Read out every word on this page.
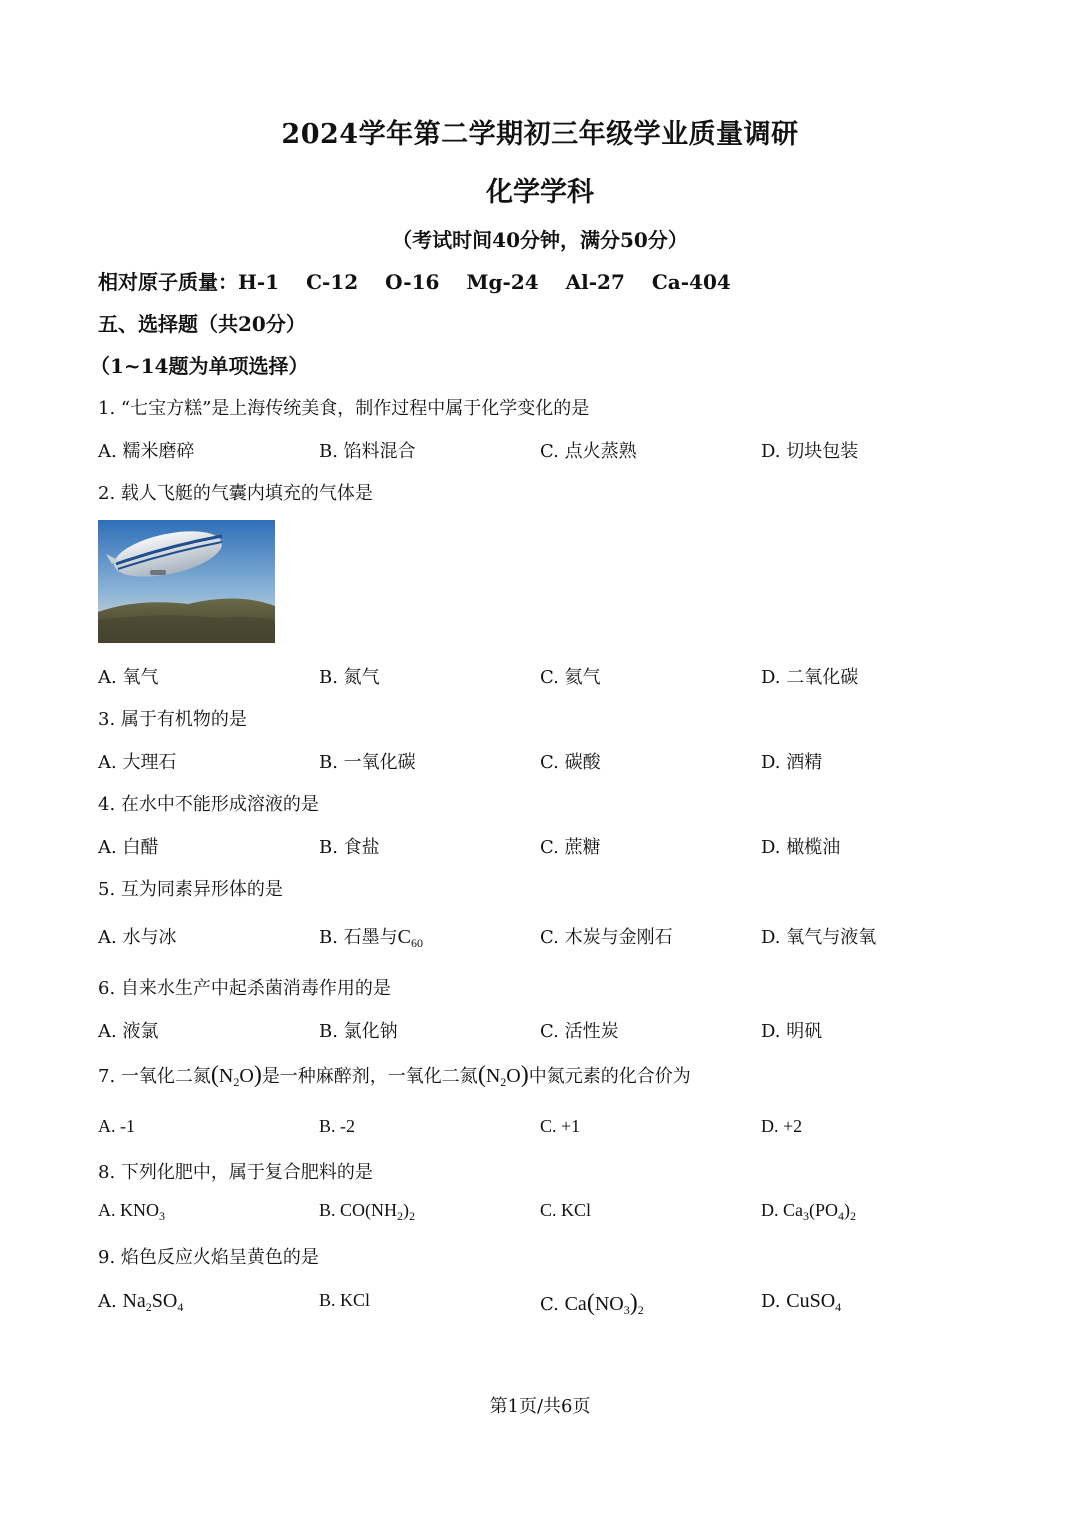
2024学年第二学期初三年级学业质量调研
化学学科
（考试时间40分钟，满分50分）
相对原子质量：H-1 C-12 O-16 Mg-24 Al-27 Ca-404
五、选择题（共20分）
（1~14题为单项选择）
1. “七宝方糕”是上海传统美食，制作过程中属于化学变化的是
A. 糯米磨碎	B. 馅料混合	C. 点火蒸熟	D. 切块包装
2. 载人飞艇的气囊内填充的气体是
A. 氧气	B. 氮气	C. 氦气	D. 二氧化碳
3. 属于有机物的是
A. 大理石	B. 一氧化碳	C. 碳酸	D. 酒精
4. 在水中不能形成溶液的是
A. 白醋	B. 食盐	C. 蔗糖	D. 橄榄油
5. 互为同素异形体的是
A. 水与冰	B. 石墨与$C_{60}$	C. 木炭与金刚石	D. 氧气与液氧
6. 自来水生产中起杀菌消毒作用的是
A. 液氯	B. 氯化钠	C. 活性炭	D. 明矾
7. 一氧化二氮$(N_2O)$是一种麻醉剂，一氧化二氮$(N_2O)$中氮元素的化合价为
A. -1	B. -2	C. +1	D. +2
8. 下列化肥中，属于复合肥料的是
A. $KNO_3$	B. $CO(NH_2)_2$	C. KCl	D. $Ca_3(PO_4)_2$
9. 焰色反应火焰呈黄色的是
A. $Na_2SO_4$	B. KCl	C. $Ca(NO_3)_2$	D. CuSO$_4$
第1页/共6页
